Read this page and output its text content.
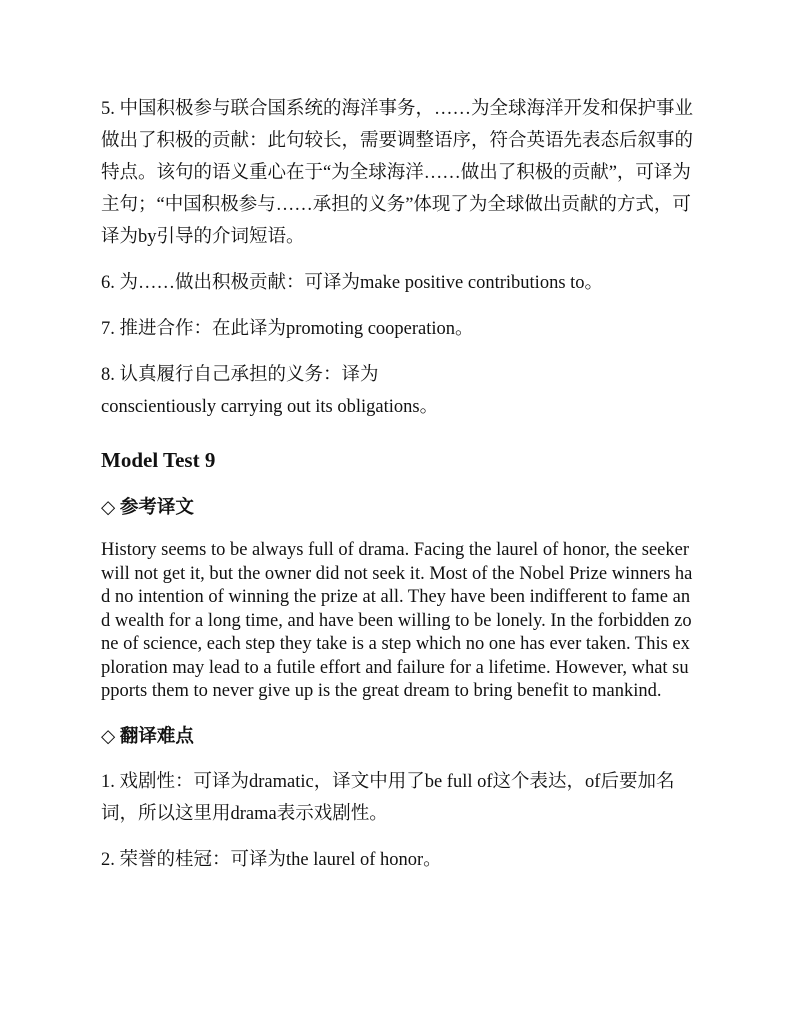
5. 中国积极参与联合国系统的海洋事务，……为全球海洋开发和保护事业做出了积极的贡献：此句较长，需要调整语序，符合英语先表态后叙事的特点。该句的语义重心在于“为全球海洋……做出了积极的贡献”，可译为主句；“中国积极参与……承担的义务”体现了为全球做出贡献的方式，可译为by引导的介词短语。

6. 为……做出积极贡献：可译为make positive contributions to。

7. 推进合作：在此译为promoting cooperation。

8. 认真履行自己承担的义务：译为
conscientiously carrying out its obligations。

Model Test 9
◇ 参考译文

History seems to be always full of drama. Facing the laurel of honor, the seeker will not get it, but the owner did not seek it. Most of the Nobel Prize winners had no intention of winning the prize at all. They have been indifferent to fame and wealth for a long time, and have been willing to be lonely. In the forbidden zone of science, each step they take is a step which no one has ever taken. This exploration may lead to a futile effort and failure for a lifetime. However, what supports them to never give up is the great dream to bring benefit to mankind.

◇ 翻译难点

1. 戏剧性：可译为dramatic，译文中用了be full of这个表达，of后要加名词，所以这里用drama表示戏剧性。

2. 荣誉的桂冠：可译为the laurel of honor。
